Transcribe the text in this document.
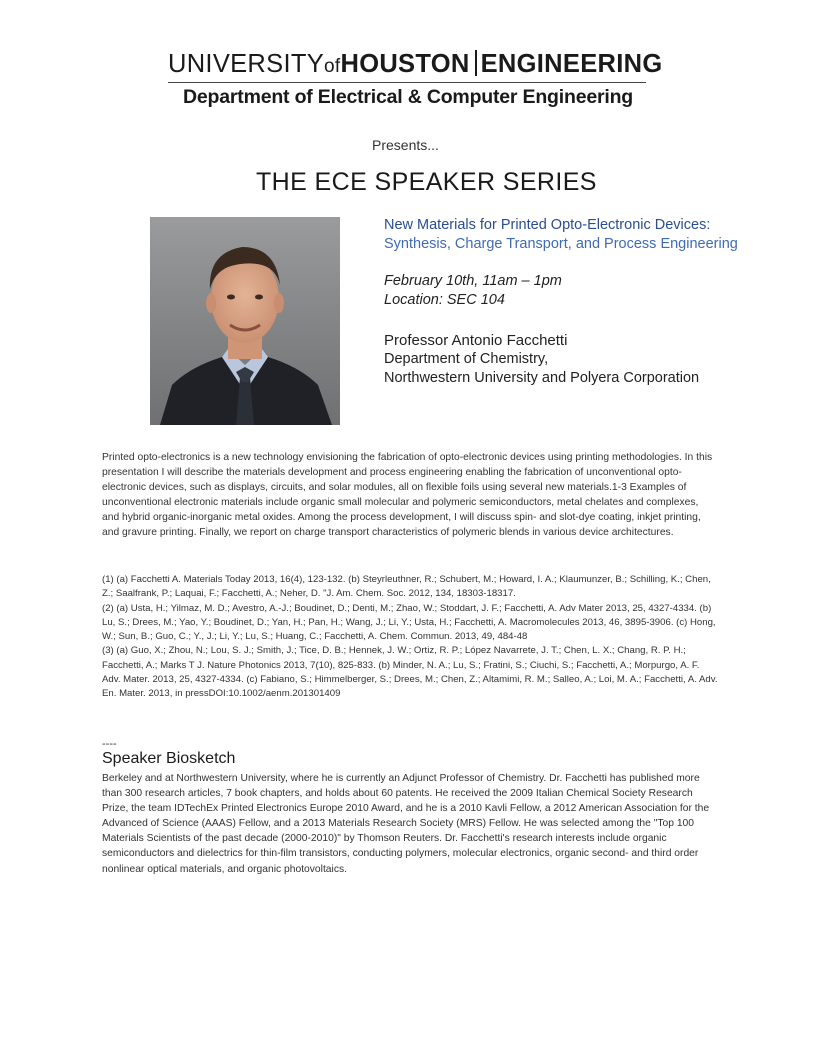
UNIVERSITYofHOUSTON ENGINEERING
Department of Electrical & Computer Engineering
Presents...
THE ECE SPEAKER SERIES
New Materials for Printed Opto-Electronic Devices:
Synthesis, Charge Transport, and Process Engineering
February 10th, 11am – 1pm
Location: SEC 104
Professor Antonio Facchetti
Department of Chemistry,
Northwestern University and Polyera Corporation
Printed opto-electronics is a new technology envisioning the fabrication of opto-electronic devices using printing methodologies. In this presentation I will describe the materials development and process engineering enabling the fabrication of unconventional opto-electronic devices, such as displays, circuits, and solar modules, all on flexible foils using several new materials.1-3 Examples of unconventional electronic materials include organic small molecular and polymeric semiconductors, metal chelates and complexes, and hybrid organic-inorganic metal oxides. Among the process development, I will discuss spin- and slot-dye coating, inkjet printing, and gravure printing. Finally, we report on charge transport characteristics of polymeric blends in various device architectures.
(1) (a) Facchetti A. Materials Today 2013, 16(4), 123-132. (b) Steyrleuthner, R.; Schubert, M.; Howard, I. A.; Klaumunzer, B.; Schilling, K.; Chen, Z.; Saalfrank, P.; Laquai, F.; Facchetti, A.; Neher, D. "J. Am. Chem. Soc. 2012, 134, 18303-18317.
(2) (a) Usta, H.; Yilmaz, M. D.; Avestro, A.-J.; Boudinet, D.; Denti, M.; Zhao, W.; Stoddart, J. F.; Facchetti, A. Adv Mater 2013, 25, 4327-4334. (b) Lu, S.; Drees, M.; Yao, Y.; Boudinet, D.; Yan, H.; Pan, H.; Wang, J.; Li, Y.; Usta, H.; Facchetti, A. Macromolecules 2013, 46, 3895-3906. (c) Hong, W.; Sun, B.; Guo, C.; Y., J.; Li, Y.; Lu, S.; Huang, C.; Facchetti, A. Chem. Commun. 2013, 49, 484-48
(3) (a) Guo, X.; Zhou, N.; Lou, S. J.; Smith, J.; Tice, D. B.; Hennek, J. W.; Ortiz, R. P.; López Navarrete, J. T.; Chen, L. X.; Chang, R. P. H.; Facchetti, A.; Marks T J. Nature Photonics 2013, 7(10), 825-833. (b) Minder, N. A.; Lu, S.; Fratini, S.; Ciuchi, S.; Facchetti, A.; Morpurgo, A. F. Adv. Mater. 2013, 25, 4327-4334. (c) Fabiano, S.; Himmelberger, S.; Drees, M.; Chen, Z.; Altamimi, R. M.; Salleo, A.; Loi, M. A.; Facchetti, A. Adv. En. Mater. 2013, in pressDOI:10.1002/aenm.201301409
----
Speaker Biosketch
Berkeley and at Northwestern University, where he is currently an Adjunct Professor of Chemistry. Dr. Facchetti has published more than 300 research articles, 7 book chapters, and holds about 60 patents. He received the 2009 Italian Chemical Society Research Prize, the team IDTechEx Printed Electronics Europe 2010 Award, and he is a 2010 Kavli Fellow, a 2012 American Association for the Advanced of Science (AAAS) Fellow, and a 2013 Materials Research Society (MRS) Fellow. He was selected among the "Top 100 Materials Scientists of the past decade (2000-2010)" by Thomson Reuters. Dr. Facchetti's research interests include organic semiconductors and dielectrics for thin-film transistors, conducting polymers, molecular electronics, organic second- and third order nonlinear optical materials, and organic photovoltaics.
